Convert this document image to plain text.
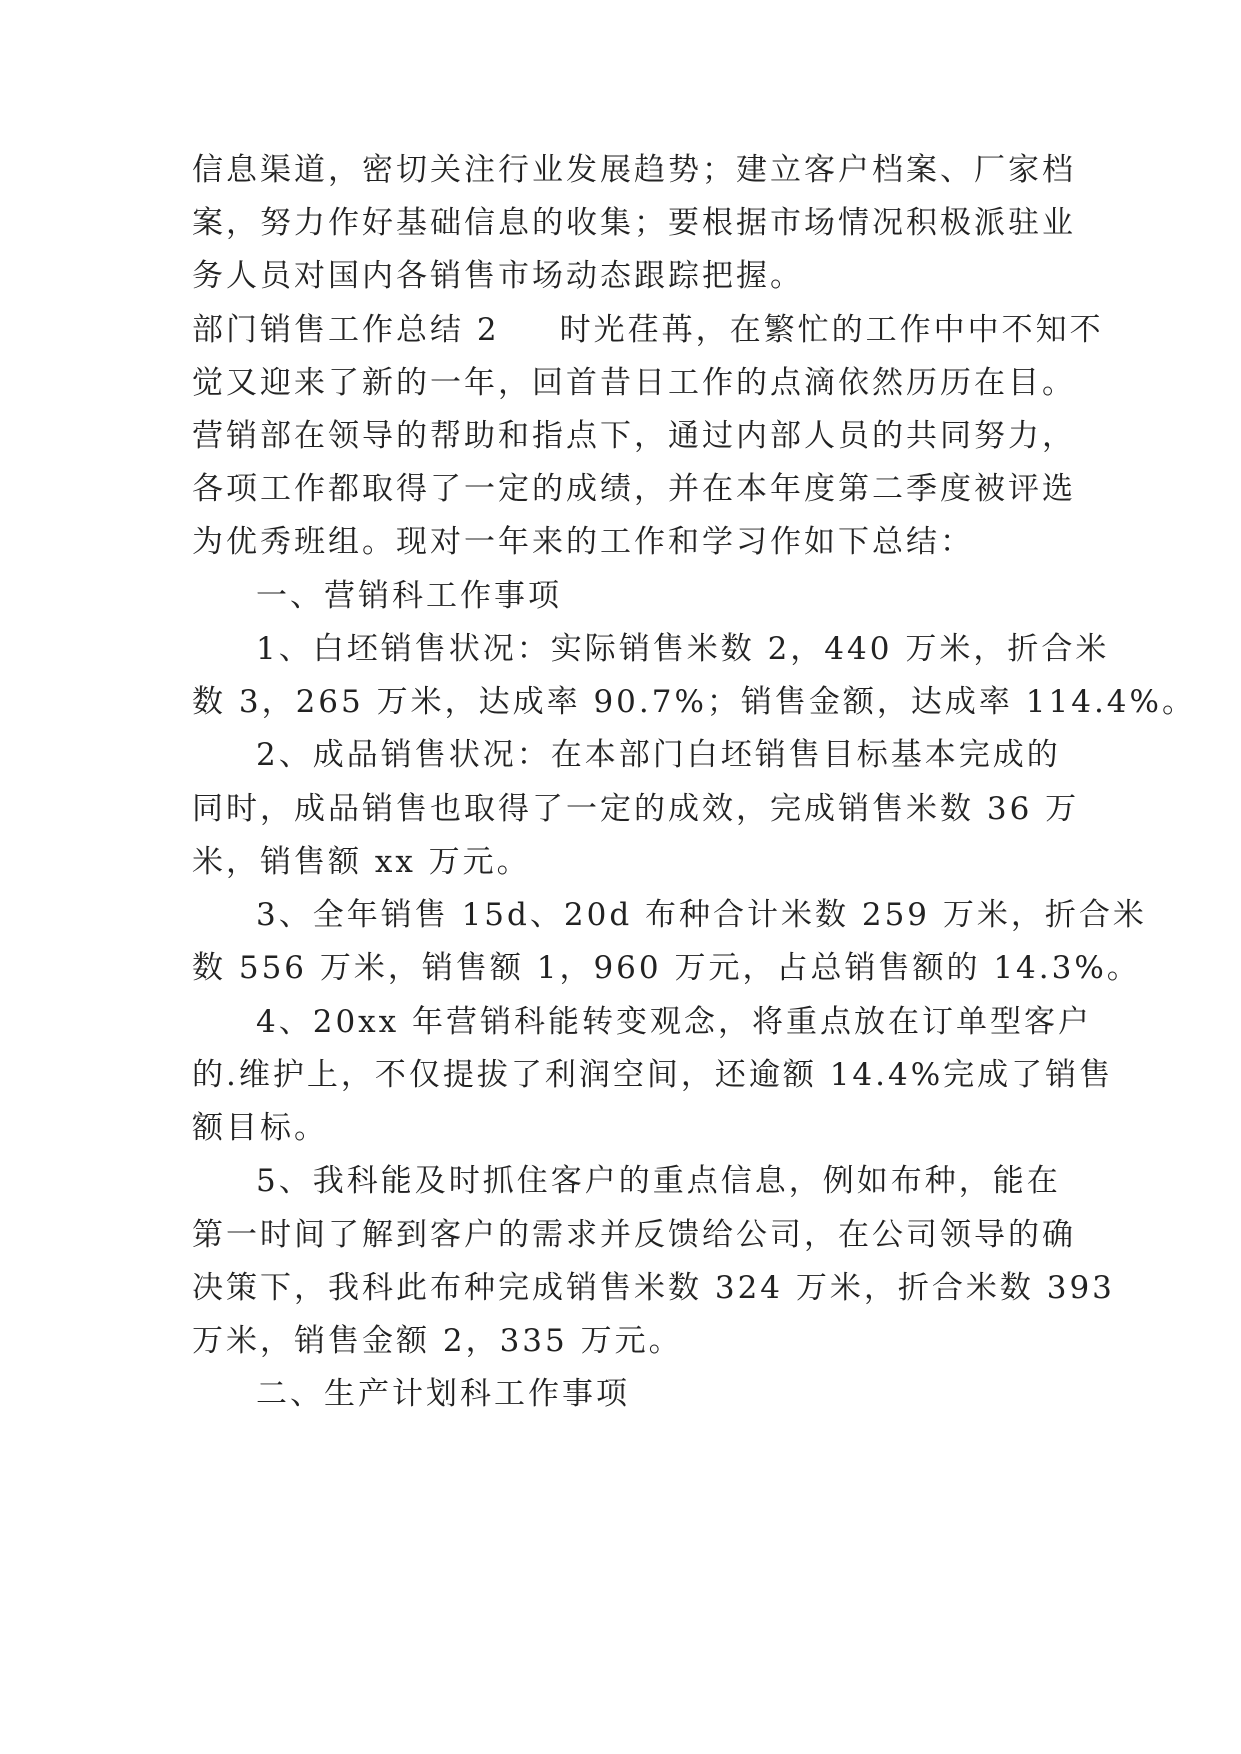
信息渠道，密切关注行业发展趋势；建立客户档案、厂家档
案，努力作好基础信息的收集；要根据市场情况积极派驻业
务人员对国内各销售市场动态跟踪把握。
部门销售工作总结 2 时光荏苒，在繁忙的工作中中不知不
觉又迎来了新的一年，回首昔日工作的点滴依然历历在目。
营销部在领导的帮助和指点下，通过内部人员的共同努力，
各项工作都取得了一定的成绩，并在本年度第二季度被评选
为优秀班组。现对一年来的工作和学习作如下总结：
一、营销科工作事项
1、白坯销售状况：实际销售米数 2，440 万米，折合米
数 3，265 万米，达成率 90.7%；销售金额，达成率 114.4%。
2、成品销售状况：在本部门白坯销售目标基本完成的
同时，成品销售也取得了一定的成效，完成销售米数 36 万
米，销售额 xx 万元。
3、全年销售 15d、20d 布种合计米数 259 万米，折合米
数 556 万米，销售额 1，960 万元，占总销售额的 14.3%。
4、20xx 年营销科能转变观念，将重点放在订单型客户
的.维护上，不仅提拔了利润空间，还逾额 14.4%完成了销售
额目标。
5、我科能及时抓住客户的重点信息，例如布种，能在
第一时间了解到客户的需求并反馈给公司，在公司领导的确
决策下，我科此布种完成销售米数 324 万米，折合米数 393
万米，销售金额 2，335 万元。
二、生产计划科工作事项
